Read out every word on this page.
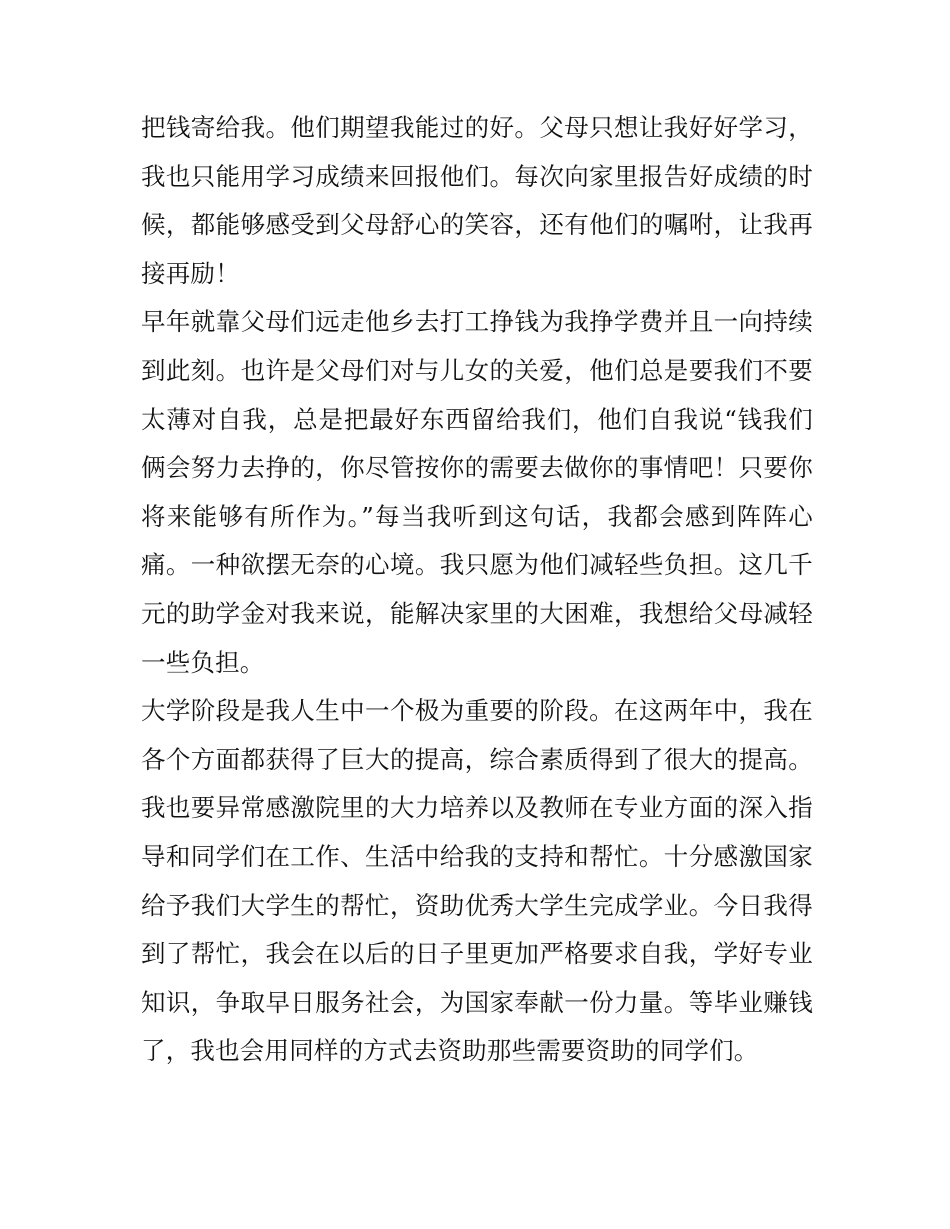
把钱寄给我。他们期望我能过的好。父母只想让我好好学习，
我也只能用学习成绩来回报他们。每次向家里报告好成绩的时
候，都能够感受到父母舒心的笑容，还有他们的嘱咐，让我再
接再励！
早年就靠父母们远走他乡去打工挣钱为我挣学费并且一向持续
到此刻。也许是父母们对与儿女的关爱，他们总是要我们不要
太薄对自我，总是把最好东西留给我们，他们自我说“钱我们
俩会努力去挣的，你尽管按你的需要去做你的事情吧！只要你
将来能够有所作为。”每当我听到这句话，我都会感到阵阵心
痛。一种欲摆无奈的心境。我只愿为他们减轻些负担。这几千
元的助学金对我来说，能解决家里的大困难，我想给父母减轻
一些负担。
大学阶段是我人生中一个极为重要的阶段。在这两年中，我在
各个方面都获得了巨大的提高，综合素质得到了很大的提高。
我也要异常感激院里的大力培养以及教师在专业方面的深入指
导和同学们在工作、生活中给我的支持和帮忙。十分感激国家
给予我们大学生的帮忙，资助优秀大学生完成学业。今日我得
到了帮忙，我会在以后的日子里更加严格要求自我，学好专业
知识，争取早日服务社会，为国家奉献一份力量。等毕业赚钱
了，我也会用同样的方式去资助那些需要资助的同学们。
